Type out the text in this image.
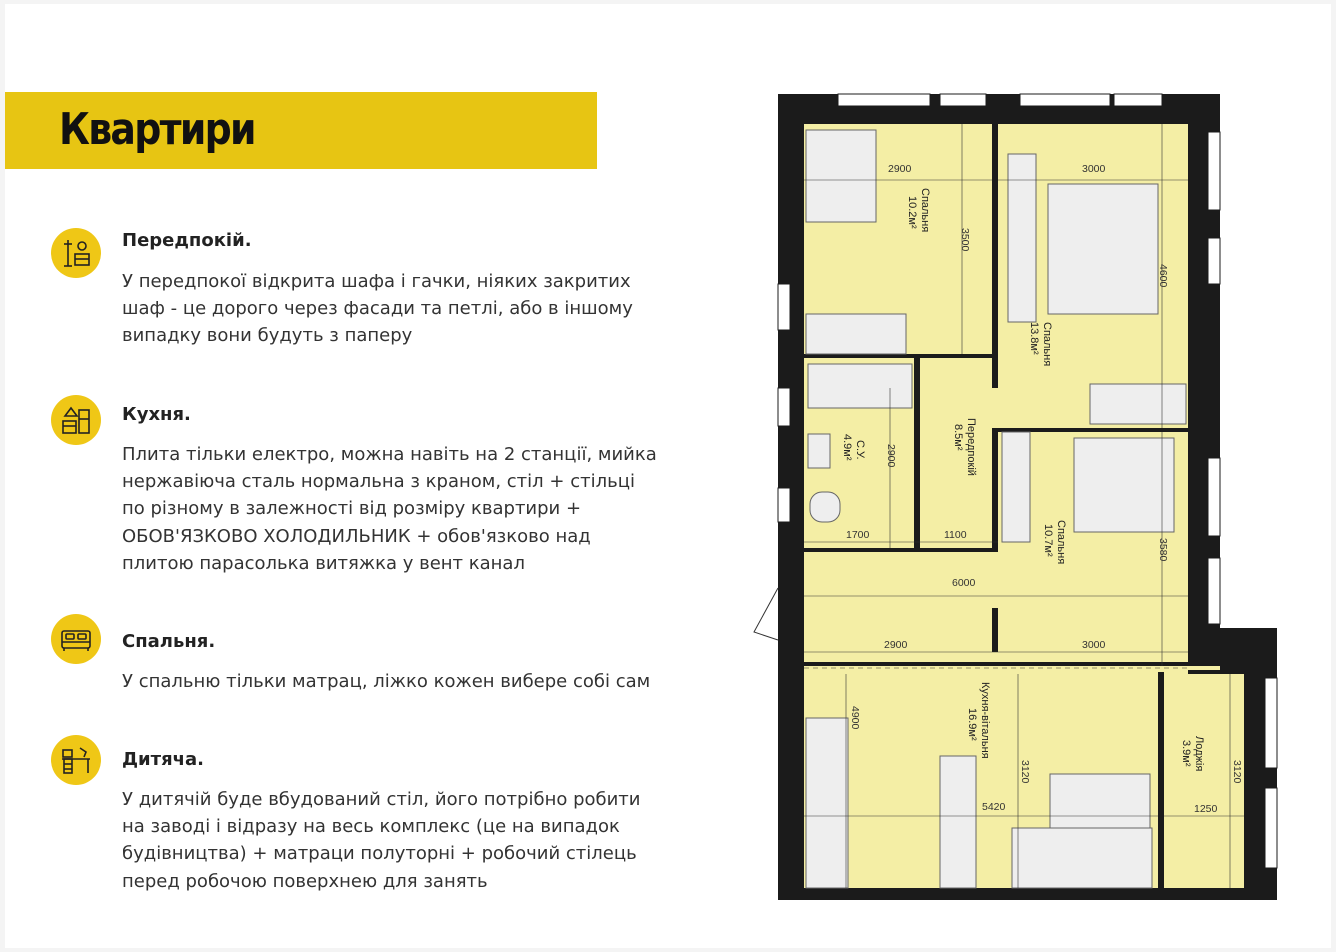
Квартири
Передпокій.
У передпокої відкрита шафа і гачки, ніяких закритих
шаф - це дорого через фасади та петлі, або в іншому
випадку вони будуть з паперу
Кухня.
Плита тільки електро, можна навіть на 2 станції, мийка
нержавіюча сталь нормальна з краном, стіл + стільці
по різному в залежності від розміру квартири +
ОБОВ'ЯЗКОВО ХОЛОДИЛЬНИК + обов'язково над
плитою парасолька витяжка у вент канал
Спальня.
У спальню тільки матрац, ліжко кожен вибере собі сам
Дитяча.
У дитячій буде вбудований стіл, його потрібно робити
на заводі і відразу на весь комплекс (це на випадок
будівництва) + матраци полуторні + робочий стілець
перед робочою поверхнею для занять
Спальня
10.2м²
Спальня
13.8м²
С.У.
4.9м²	Передпокій
8.5м²
Спальня
10.7м²
Кухня-вітальня
16.9м²
Лоджія
3.9м²
2900	3000
3500
4600
2900
1700	1100
3580
6000
2900	3000
4900
3120
5420	1250
3120
